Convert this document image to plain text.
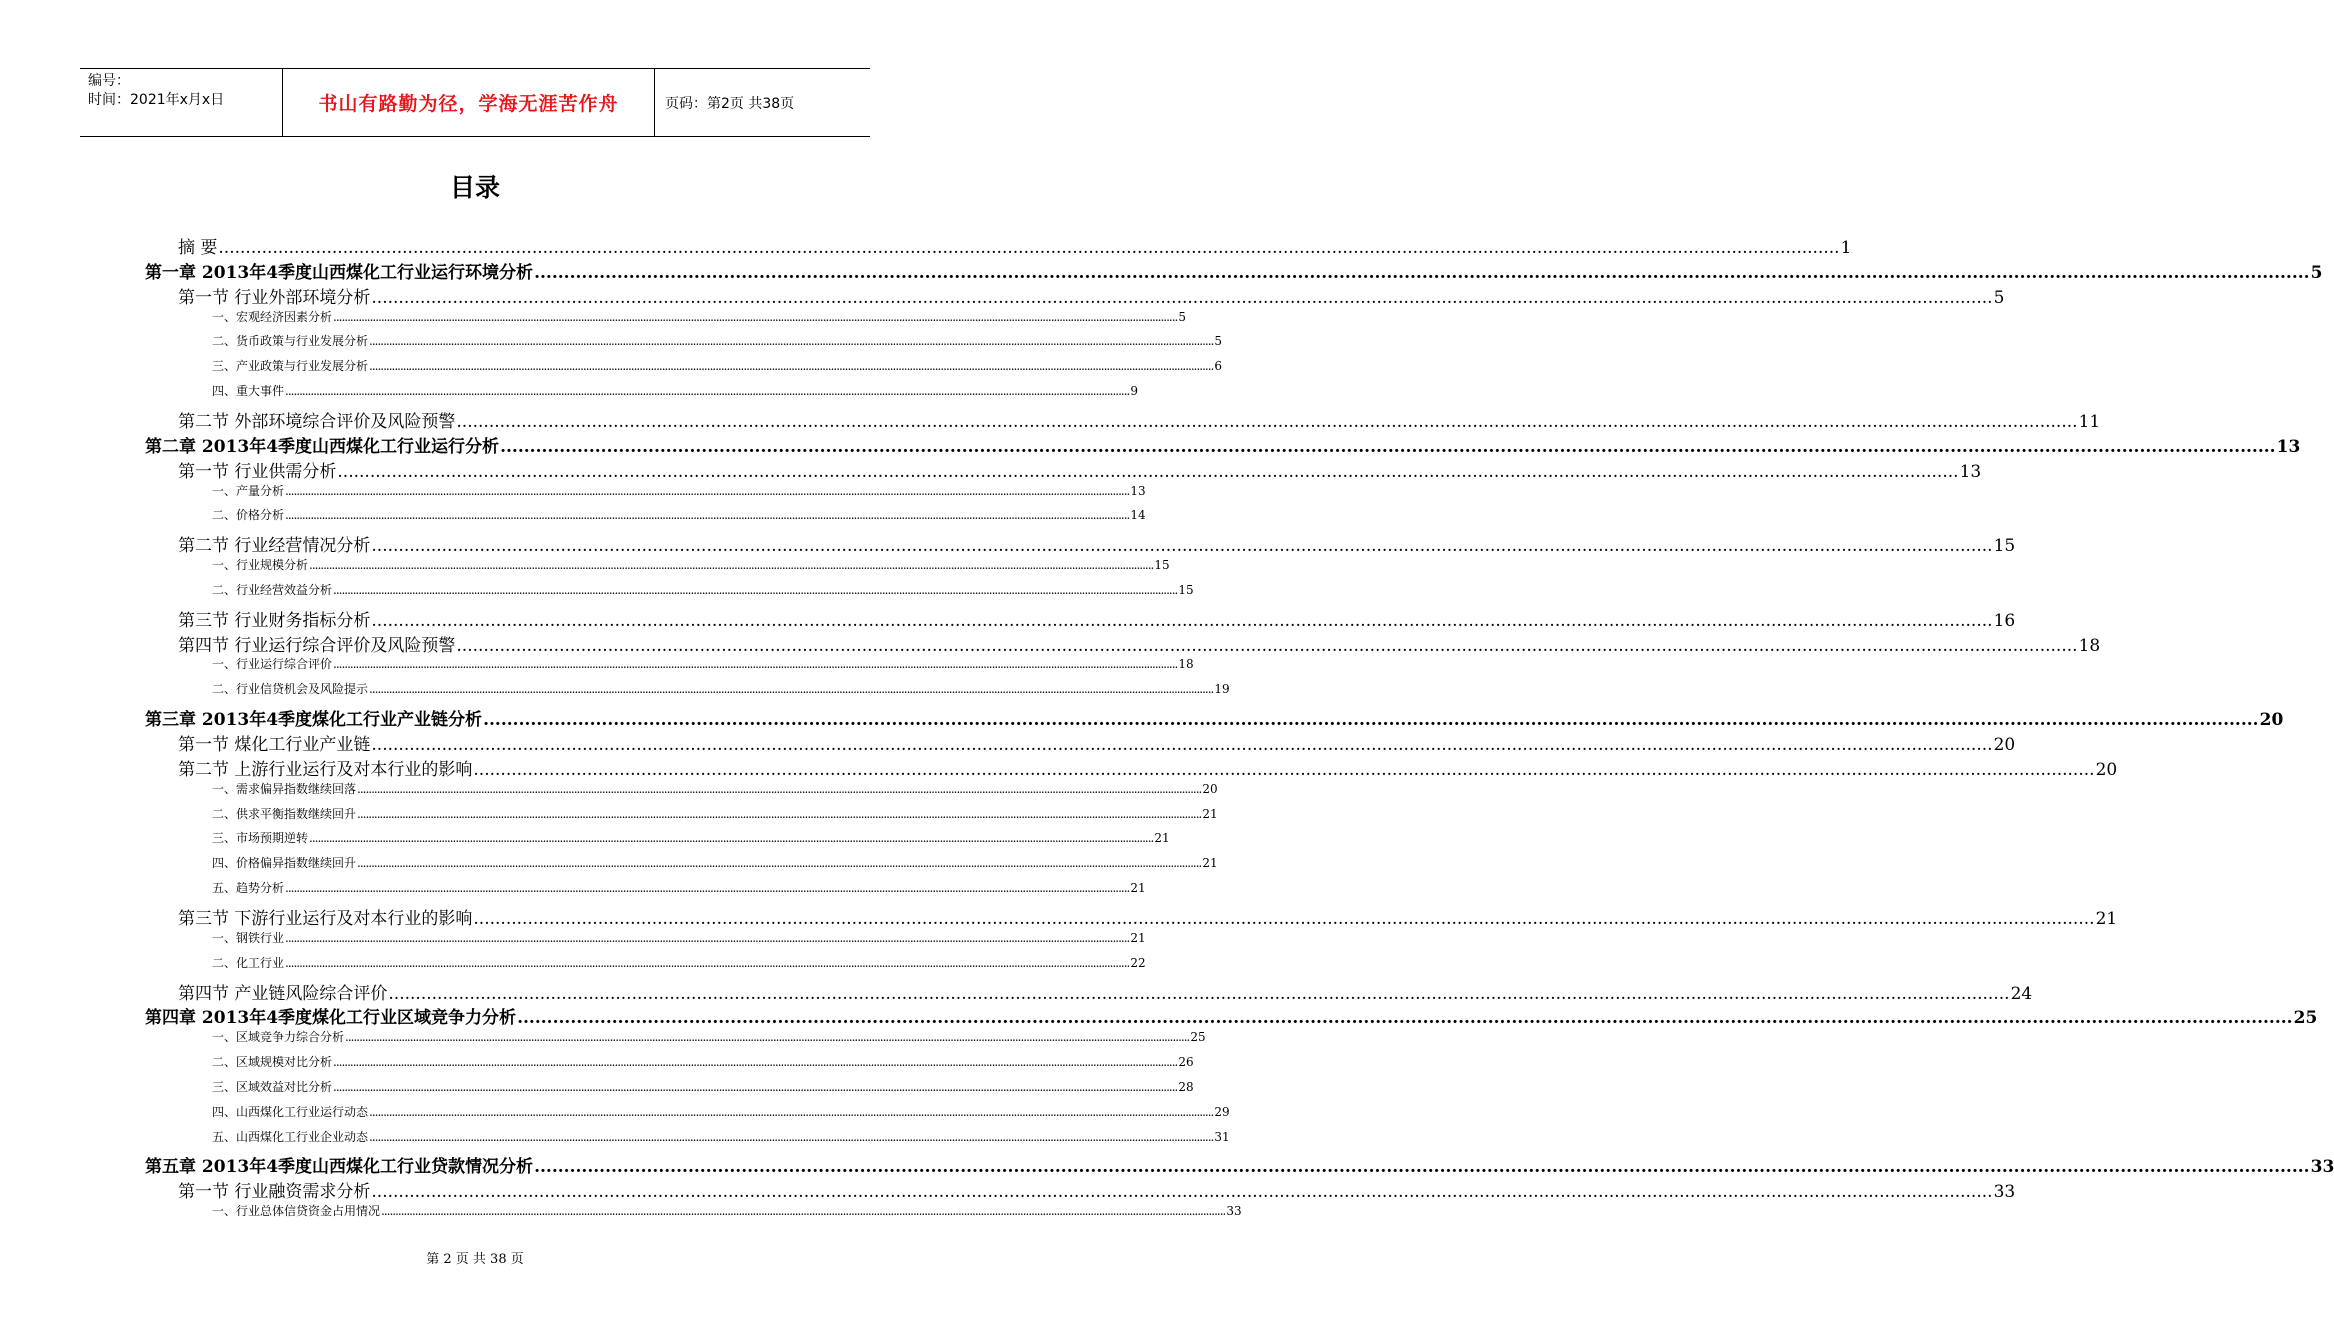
编号：
时间：2021年x月x日	书山有路勤为径，学海无涯苦作舟	页码：第2页 共38页
目录
摘 要 ............................................................................................................................................................................................................................................................................................................ 1
第一章 2013年4季度山西煤化工行业运行环境分析 ............................................................................................................................................................................................................................................................................................................ 5
第一节 行业外部环境分析 ............................................................................................................................................................................................................................................................................................................ 5
一、宏观经济因素分析 ............................................................................................................................................................................................................................................................................................................ 5
二、货币政策与行业发展分析 ............................................................................................................................................................................................................................................................................................................ 5
三、产业政策与行业发展分析 ............................................................................................................................................................................................................................................................................................................ 6
四、重大事件 ............................................................................................................................................................................................................................................................................................................ 9
第二节 外部环境综合评价及风险预警 ............................................................................................................................................................................................................................................................................................................ 11
第二章 2013年4季度山西煤化工行业运行分析 ............................................................................................................................................................................................................................................................................................................ 13
第一节 行业供需分析 ............................................................................................................................................................................................................................................................................................................ 13
一、产量分析 ............................................................................................................................................................................................................................................................................................................ 13
二、价格分析 ............................................................................................................................................................................................................................................................................................................ 14
第二节 行业经营情况分析 ............................................................................................................................................................................................................................................................................................................ 15
一、行业规模分析 ............................................................................................................................................................................................................................................................................................................ 15
二、行业经营效益分析 ............................................................................................................................................................................................................................................................................................................ 15
第三节 行业财务指标分析 ............................................................................................................................................................................................................................................................................................................ 16
第四节 行业运行综合评价及风险预警 ............................................................................................................................................................................................................................................................................................................ 18
一、行业运行综合评价 ............................................................................................................................................................................................................................................................................................................ 18
二、行业信贷机会及风险提示 ............................................................................................................................................................................................................................................................................................................ 19
第三章 2013年4季度煤化工行业产业链分析 ............................................................................................................................................................................................................................................................................................................ 20
第一节 煤化工行业产业链 ............................................................................................................................................................................................................................................................................................................ 20
第二节 上游行业运行及对本行业的影响 ............................................................................................................................................................................................................................................................................................................ 20
一、需求偏异指数继续回落 ............................................................................................................................................................................................................................................................................................................ 20
二、供求平衡指数继续回升 ............................................................................................................................................................................................................................................................................................................ 21
三、市场预期逆转 ............................................................................................................................................................................................................................................................................................................ 21
四、价格偏异指数继续回升 ............................................................................................................................................................................................................................................................................................................ 21
五、趋势分析 ............................................................................................................................................................................................................................................................................................................ 21
第三节 下游行业运行及对本行业的影响 ............................................................................................................................................................................................................................................................................................................ 21
一、钢铁行业 ............................................................................................................................................................................................................................................................................................................ 21
二、化工行业 ............................................................................................................................................................................................................................................................................................................ 22
第四节 产业链风险综合评价 ............................................................................................................................................................................................................................................................................................................ 24
第四章 2013年4季度煤化工行业区域竞争力分析 ............................................................................................................................................................................................................................................................................................................ 25
一、区域竞争力综合分析 ............................................................................................................................................................................................................................................................................................................ 25
二、区域规模对比分析 ............................................................................................................................................................................................................................................................................................................ 26
三、区域效益对比分析 ............................................................................................................................................................................................................................................................................................................ 28
四、山西煤化工行业运行动态 ............................................................................................................................................................................................................................................................................................................ 29
五、山西煤化工行业企业动态 ............................................................................................................................................................................................................................................................................................................ 31
第五章 2013年4季度山西煤化工行业贷款情况分析 ............................................................................................................................................................................................................................................................................................................ 33
第一节 行业融资需求分析 ............................................................................................................................................................................................................................................................................................................ 33
一、行业总体信贷资金占用情况 ............................................................................................................................................................................................................................................................................................................ 33
第 2 页 共 38 页
